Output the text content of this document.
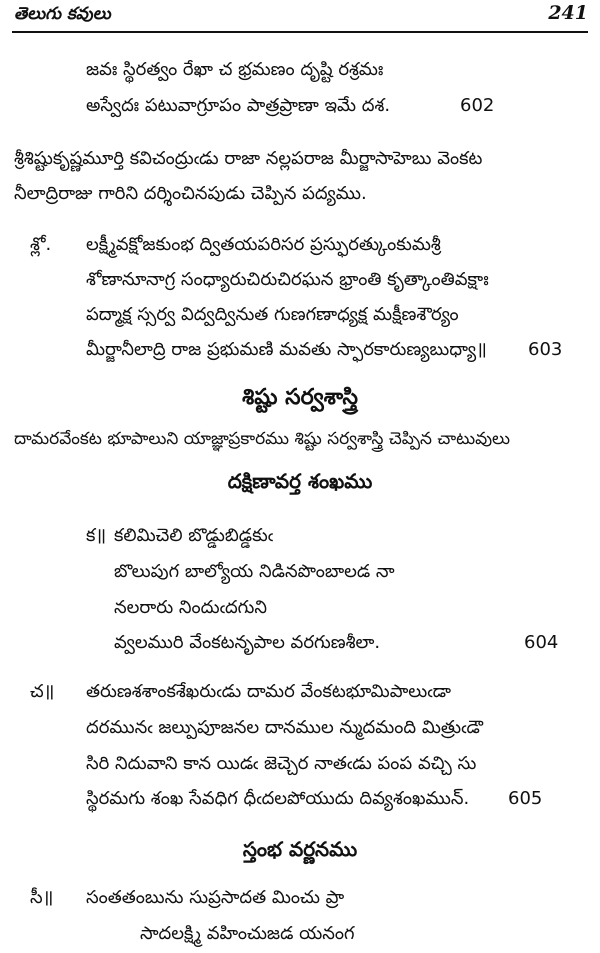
తెలుగు కవులు	241
జవః స్థిరత్వం రేఖా చ భ్రమణం దృష్టి రశ్రమః
అస్వేదః పటువాగ్రూపం పాత్రప్రాణా ఇమే దశ.	602
శ్రీశిష్టుకృష్ణమూర్తి కవిచంద్రుఁడు రాజా నల్లపరాజ మీర్జాసాహెబు వెంకట
నీలాద్రిరాజు గారిని దర్శించినపుడు చెప్పిన పద్యము.
శ్లో. లక్ష్మీవక్షోజకుంభ ద్వితయపరిసర ప్రస్ఫురత్కుంకుమశ్రీ
శోణానూనాగ్ర సంధ్యారుచిరుచిరఘన భ్రాంతి కృత్కాంతివక్షాః
పద్మాక్ష స్సర్వ విద్వద్వినుత గుణగణాధ్యక్ష మక్షీణశౌర్యం
మీర్జానీలాద్రి రాజ ప్రభుమణి మవతు స్ఫారకారుణ్యబుధ్యా॥ 603
శిష్టు సర్వశాస్త్రి
దామరవేంకట భూపాలుని యాజ్ఞాప్రకారము శిష్టు సర్వశాస్త్రి చెప్పిన చాటువులు
దక్షిణావర్త శంఖము
క॥ కలిమిచెలి బొడ్డుబిడ్డకుఁ
బొలుపుగ బాల్యోయ నిడినపొంబాలడ నా
నలరారు నిందుఁదగుని
వ్వలమురి వేంకటనృపాల వరగుణశీలా.	604
చ॥ తరుణశశాంకశేఖరుఁడు దామర వేంకటభూమిపాలుఁడా
దరమునఁ జల్పుపూజనల దానముల న్ముదమంది మిత్రుఁడౌ
సిరి నిదువాని కాన యిడఁ జెచ్చెర నాతఁడు పంప వచ్చి సు
స్థిరమగు శంఖ సేవధిగ ధీఁదలపోయుదు దివ్యశంఖమున్. 605
స్తంభ వర్ణనము
సీ॥ సంతతంబును సుప్రసాదత మించు ప్రా
సాదలక్ష్మి వహించుజడ యనంగ
